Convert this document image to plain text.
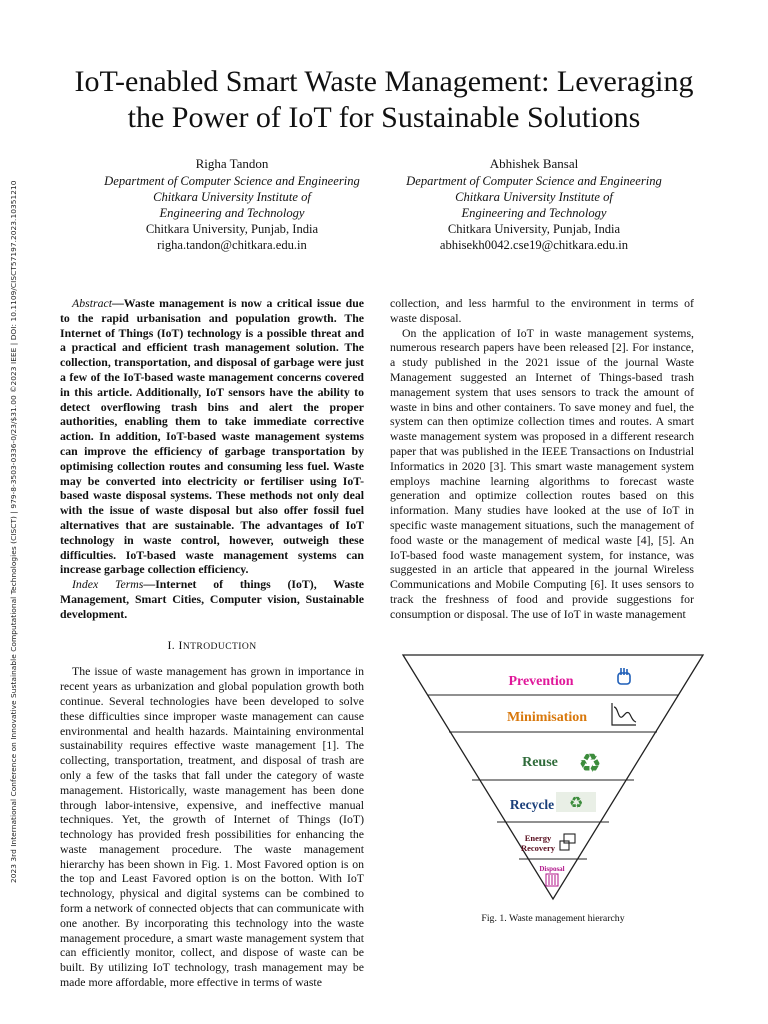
2023 3rd International Conference on Innovative Sustainable Computational Technologies (CISCT) | 979-8-3503-0336-0/23/$31.00 ©2023 IEEE | DOI: 10.1109/CISCT57197.2023.10351210
IoT-enabled Smart Waste Management: Leveraging
the Power of IoT for Sustainable Solutions
Righa Tandon
Department of Computer Science and Engineering
Chitkara University Institute of
Engineering and Technology
Chitkara University, Punjab, India
righa.tandon@chitkara.edu.in
Abhishek Bansal
Department of Computer Science and Engineering
Chitkara University Institute of
Engineering and Technology
Chitkara University, Punjab, India
abhisekh0042.cse19@chitkara.edu.in

Abstract—Waste management is now a critical issue due to the rapid urbanisation and population growth. The Internet of Things (IoT) technology is a possible threat and a practical and efficient trash management solution. The collection, transportation, and disposal of garbage were just a few of the IoT-based waste management concerns covered in this article. Additionally, IoT sensors have the ability to detect overflowing trash bins and alert the proper authorities, enabling them to take immediate corrective action. In addition, IoT-based waste management systems can improve the efficiency of garbage transportation by optimising collection routes and consuming less fuel. Waste may be converted into electricity or fertiliser using IoT-based waste disposal systems. These methods not only deal with the issue of waste disposal but also offer fossil fuel alternatives that are sustainable. The advantages of IoT technology in waste control, however, outweigh these difficulties. IoT-based waste management systems can increase garbage collection efficiency.

Index Terms—Internet of things (IoT), Waste Management, Smart Cities, Computer vision, Sustainable development.

I. INTRODUCTION

The issue of waste management has grown in importance in recent years as urbanization and global population growth both continue. Several technologies have been developed to solve these difficulties since improper waste management can cause environmental and health hazards. Maintaining environmental sustainability requires effective waste management [1]. The collecting, transportation, treatment, and disposal of trash are only a few of the tasks that fall under the category of waste management. Historically, waste management has been done through labor-intensive, expensive, and ineffective manual techniques. Yet, the growth of Internet of Things (IoT) technology has provided fresh possibilities for enhancing the waste management procedure. The waste management hierarchy has been shown in Fig. 1. Most Favored option is on the top and Least Favored option is on the botton. With IoT technology, physical and digital systems can be combined to form a network of connected objects that can communicate with one another. By incorporating this technology into the waste management procedure, a smart waste management system that can efficiently monitor, collect, and dispose of waste can be built. By utilizing IoT technology, trash management may be made more affordable, more effective in terms of waste

collection, and less harmful to the environment in terms of waste disposal.

On the application of IoT in waste management systems, numerous research papers have been released [2]. For instance, a study published in the 2021 issue of the journal Waste Management suggested an Internet of Things-based trash management system that uses sensors to track the amount of waste in bins and other containers. To save money and fuel, the system can then optimize collection times and routes. A smart waste management system was proposed in a different research paper that was published in the IEEE Transactions on Industrial Informatics in 2020 [3]. This smart waste management system employs machine learning algorithms to forecast waste generation and optimize collection routes based on this information. Many studies have looked at the use of IoT in specific waste management situations, such the management of food waste or the management of medical waste [4], [5]. An IoT-based food waste management system, for instance, was suggested in an article that appeared in the journal Wireless Communications and Mobile Computing [6]. It uses sensors to track the freshness of food and provide suggestions for consumption or disposal. The use of IoT in waste management

Prevention
Minimisation
Reuse ♻
Recycle ♻
Energy
Recovery
Disposal
Fig. 1. Waste management hierarchy
